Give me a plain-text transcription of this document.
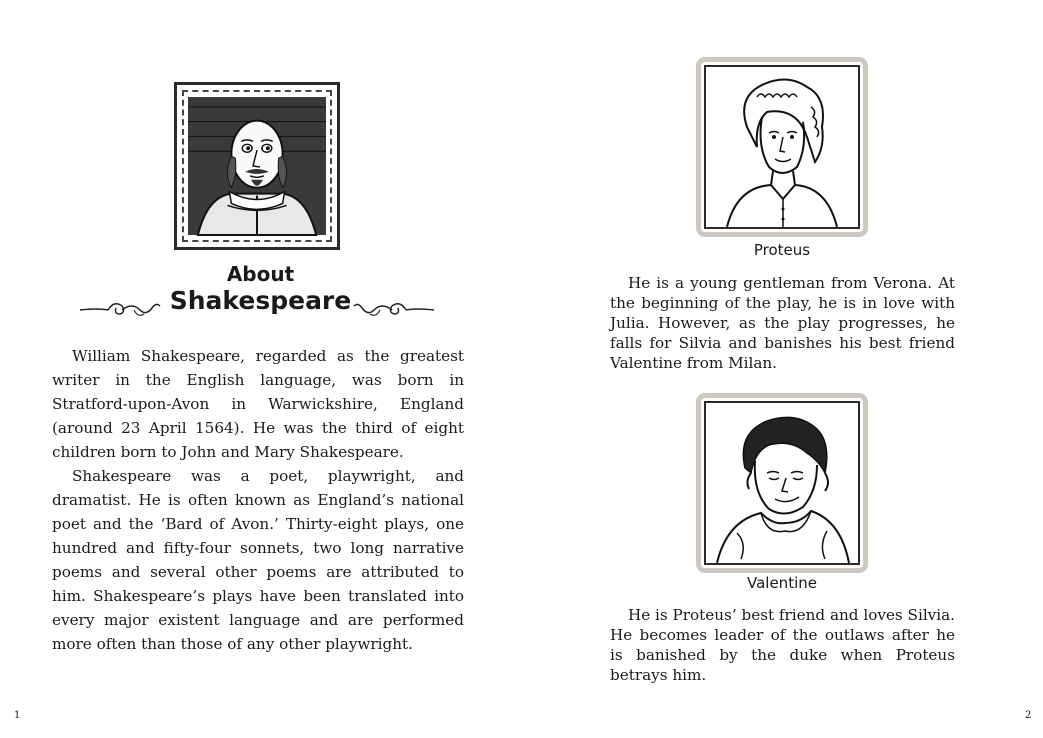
About
Shakespeare

William Shakespeare, regarded as the greatest writer in the English language, was born in Stratford-upon-Avon in Warwickshire, England (around 23 April 1564). He was the third of eight children born to John and Mary Shakespeare.

Shakespeare was a poet, playwright, and dramatist. He is often known as England’s national poet and the ‘Bard of Avon.’ Thirty-eight plays, one hundred and fifty-four sonnets, two long narrative poems and several other poems are attributed to him. Shakespeare’s plays have been translated into every major existent language and are performed more often than those of any other playwright.

1
Proteus

He is a young gentleman from Verona. At the beginning of the play, he is in love with Julia. However, as the play progresses, he falls for Silvia and banishes his best friend Valentine from Milan.

Valentine

He is Proteus’ best friend and loves Silvia. He becomes leader of the outlaws after he is banished by the duke when Proteus betrays him.

2
